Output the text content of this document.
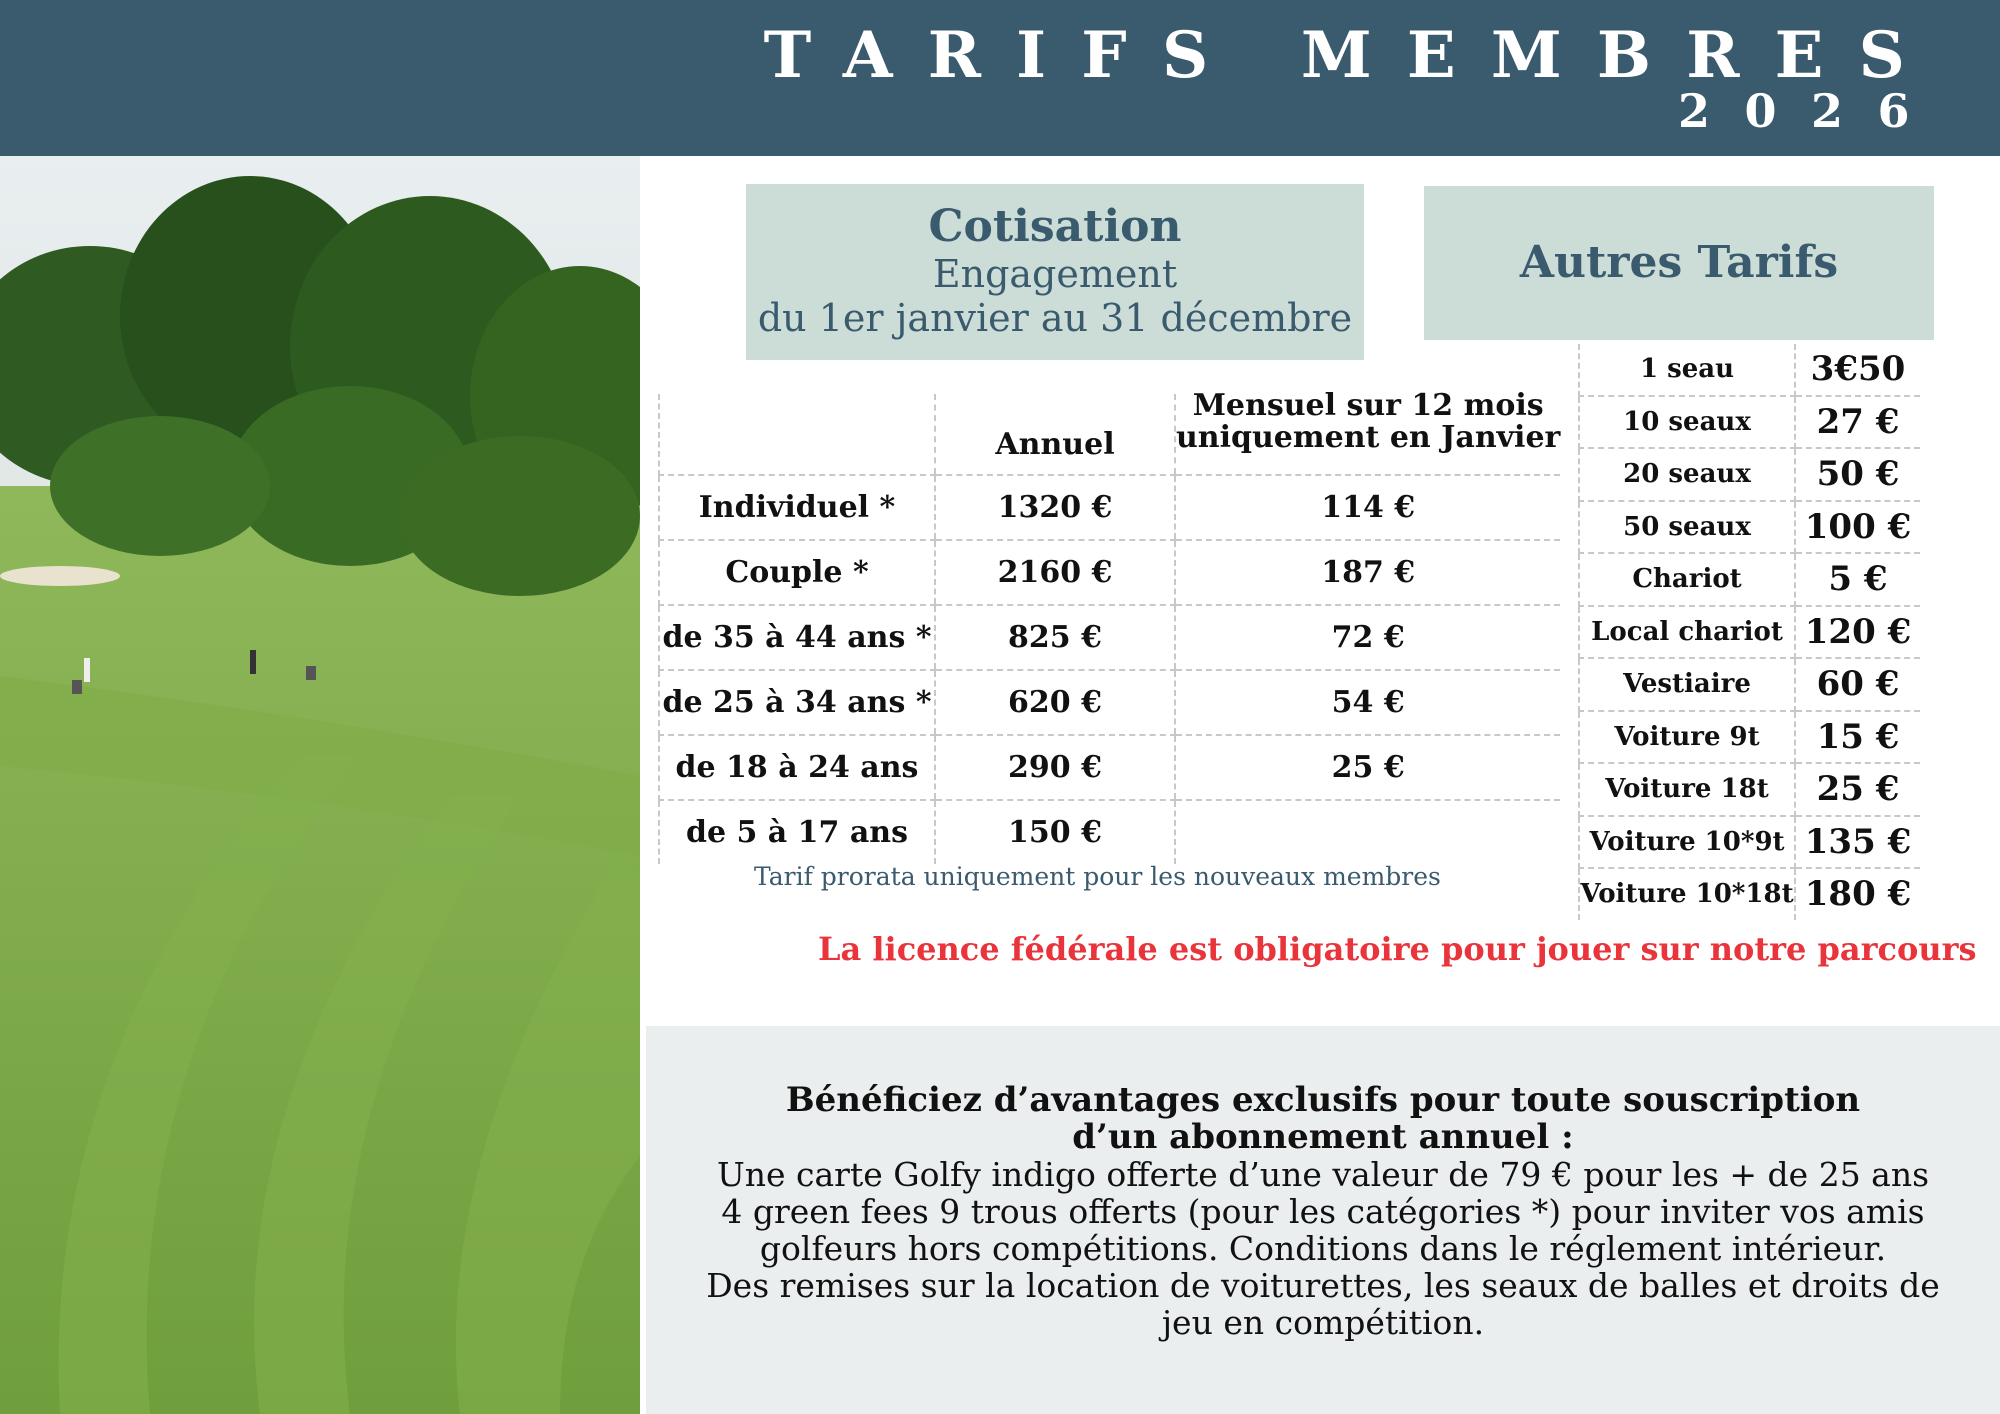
TARIFS MEMBRES
2026
Cotisation
Engagement
du 1er janvier au 31 décembre
Autres Tarifs
	Annuel	Mensuel sur 12 mois
uniquement en Janvier

Individuel *	1320 €	114 €
Couple *	2160 €	187 €
de 35 à 44 ans *	825 €	72 €
de 25 à 34 ans *	620 €	54 €
de 18 à 24 ans	290 €	25 €
de 5 à 17 ans	150 €	
Tarif prorata uniquement pour les nouveaux membres
La licence fédérale est obligatoire pour jouer sur notre parcours
1 seau	3€50
10 seaux	27 €
20 seaux	50 €
50 seaux	100 €
Chariot	5 €
Local chariot	120 €
Vestiaire	60 €
Voiture 9t	15 €
Voiture 18t	25 €
Voiture 10*9t	135 €
Voiture 10*18t	180 €
Bénéficiez d’avantages exclusifs pour toute souscription d’un abonnement annuel :
Une carte Golfy indigo offerte d’une valeur de 79 € pour les + de 25 ans
4 green fees 9 trous offerts (pour les catégories *) pour inviter vos amis golfeurs hors compétitions. Conditions dans le réglement intérieur.
Des remises sur la location de voiturettes, les seaux de balles et droits de jeu en compétition.
